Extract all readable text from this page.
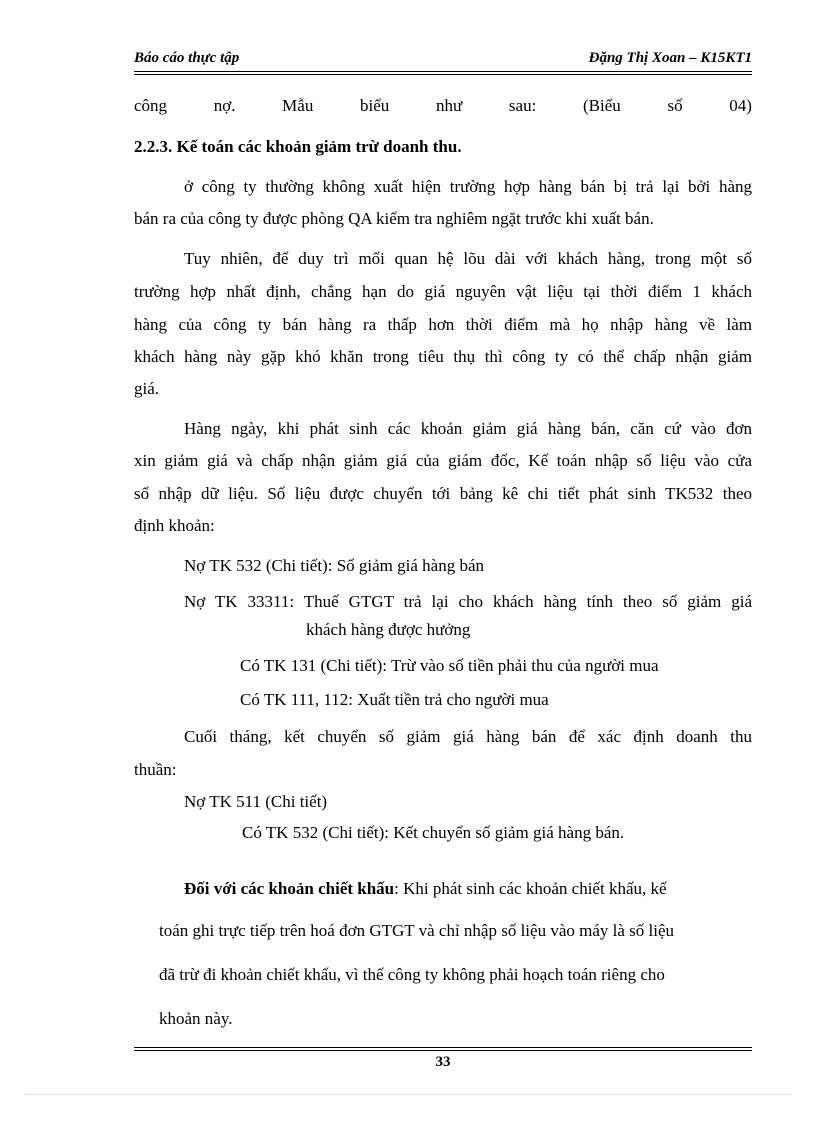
Báo cáo thực tập	Đặng Thị Xoan – K15KT1
công	nợ.	Mẫu	biểu	như	sau:	(Biểu	số	04)
2.2.3. Kế toán các khoản giảm trừ doanh thu.
ở công ty thường không xuất hiện trường hợp hàng bán bị trả lại bởi hàng
bán ra của công ty được phòng QA kiểm tra nghiêm ngặt trước khi xuất bán.
Tuy nhiên, để duy trì mối quan hệ lõu dài với khách hàng, trong một số
trường hợp nhất định, chẳng hạn do giá nguyên vật liệu tại thời điểm 1 khách
hàng của công ty bán hàng ra thấp hơn thời điểm mà họ nhập hàng về làm
khách hàng này gặp khó khăn trong tiêu thụ thì công ty có thể chấp nhận giảm
giá.
Hàng ngày, khi phát sinh các khoản giảm giá hàng bán, căn cứ vào đơn
xin giảm giá và chấp nhận giảm giá của giám đốc, Kế toán nhập số liệu vào cửa
sổ nhập dữ liệu. Số liệu được chuyển tới bảng kê chi tiết phát sinh TK532 theo
định khoản:
Nợ TK 532 (Chi tiết): Số giảm giá hàng bán
Nợ TK 33311: Thuế GTGT trả lại cho khách hàng tính theo số giảm giá
khách hàng được hưởng
Có TK 131 (Chi tiết): Trừ vào số tiền phải thu của người mua
Có TK 111, 112: Xuất tiền trả cho người mua
Cuối tháng, kết chuyển số giảm giá hàng bán để xác định doanh thu
thuần:
Nợ TK 511 (Chi tiết)
Có TK 532 (Chi tiết): Kết chuyển số giảm giá hàng bán.
Đối với các khoản chiết khấu: Khi phát sinh các khoản chiết khấu, kế
toán ghi trực tiếp trên hoá đơn GTGT và chỉ nhập số liệu vào máy là số liệu
đã trừ đi khoản chiết khấu, vì thế công ty không phải hoạch toán riêng cho
khoản này.
33
